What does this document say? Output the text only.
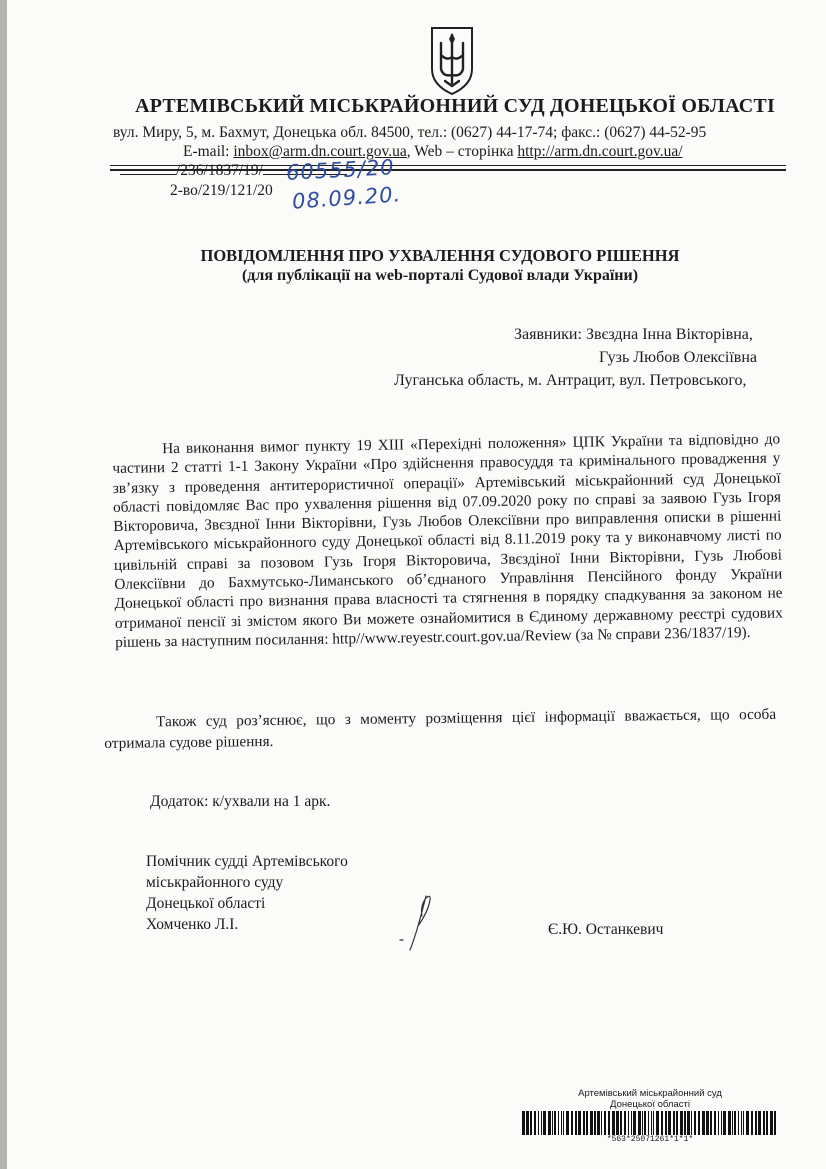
АРТЕМІВСЬКИЙ МІСЬКРАЙОННИЙ СУД ДОНЕЦЬКОЇ ОБЛАСТІ
вул. Миру, 5, м. Бахмут, Донецька обл. 84500, тел.: (0627) 44-17-74; факс.: (0627) 44-52-95
E-mail: inbox@arm.dn.court.gov.ua, Web – сторінка http://arm.dn.court.gov.ua/
/236/1837/19/
2-во/219/121/20
60555/20
08.09.20.
ПОВІДОМЛЕННЯ ПРО УХВАЛЕННЯ СУДОВОГО РІШЕННЯ
(для публікації на web-порталі Судової влади України)
Заявники: Звєздна Інна Вікторівна,
Гузь Любов Олексіївна
Луганська область, м. Антрацит, вул. Петровського,
На виконання вимог пункту 19 XIII «Перехідні положення» ЦПК України та відповідно до частини 2 статті 1-1 Закону України «Про здійснення правосуддя та кримінального провадження у зв’язку з проведення антитерористичної операції» Артемівський міськрайонний суд Донецької області повідомляє Вас про ухвалення рішення від 07.09.2020 року по справі за заявою Гузь Ігоря Вікторовича, Звєздної Інни Вікторівни, Гузь Любов Олексіївни про виправлення описки в рішенні Артемівського міськрайонного суду Донецької області від 8.11.2019 року та у виконавчому листі по цивільній справі за позовом Гузь Ігоря Вікторовича, Звєздіної Інни Вікторівни, Гузь Любові Олексіївни до Бахмутсько-Лиманського об’єднаного Управління Пенсійного фонду України Донецької області про визнання права власності та стягнення в порядку спадкування за законом не отриманої пенсії зі змістом якого Ви можете ознайомитися в Єдиному державному реєстрі судових рішень за наступним посилання: http//www.reyestr.court.gov.ua/Review (за № справи 236/1837/19).
Також суд роз’яснює, що з моменту розміщення цієї інформації вважається, що особа отримала судове рішення.
Додаток: к/ухвали на 1 арк.
Помічник судді Артемівського
міськрайонного суду
Донецької області
Хомченко Л.І.	Є.Ю. Останкевич
Артемівський міськрайонний суд
Донецької області
*563*25071261*1*1*
